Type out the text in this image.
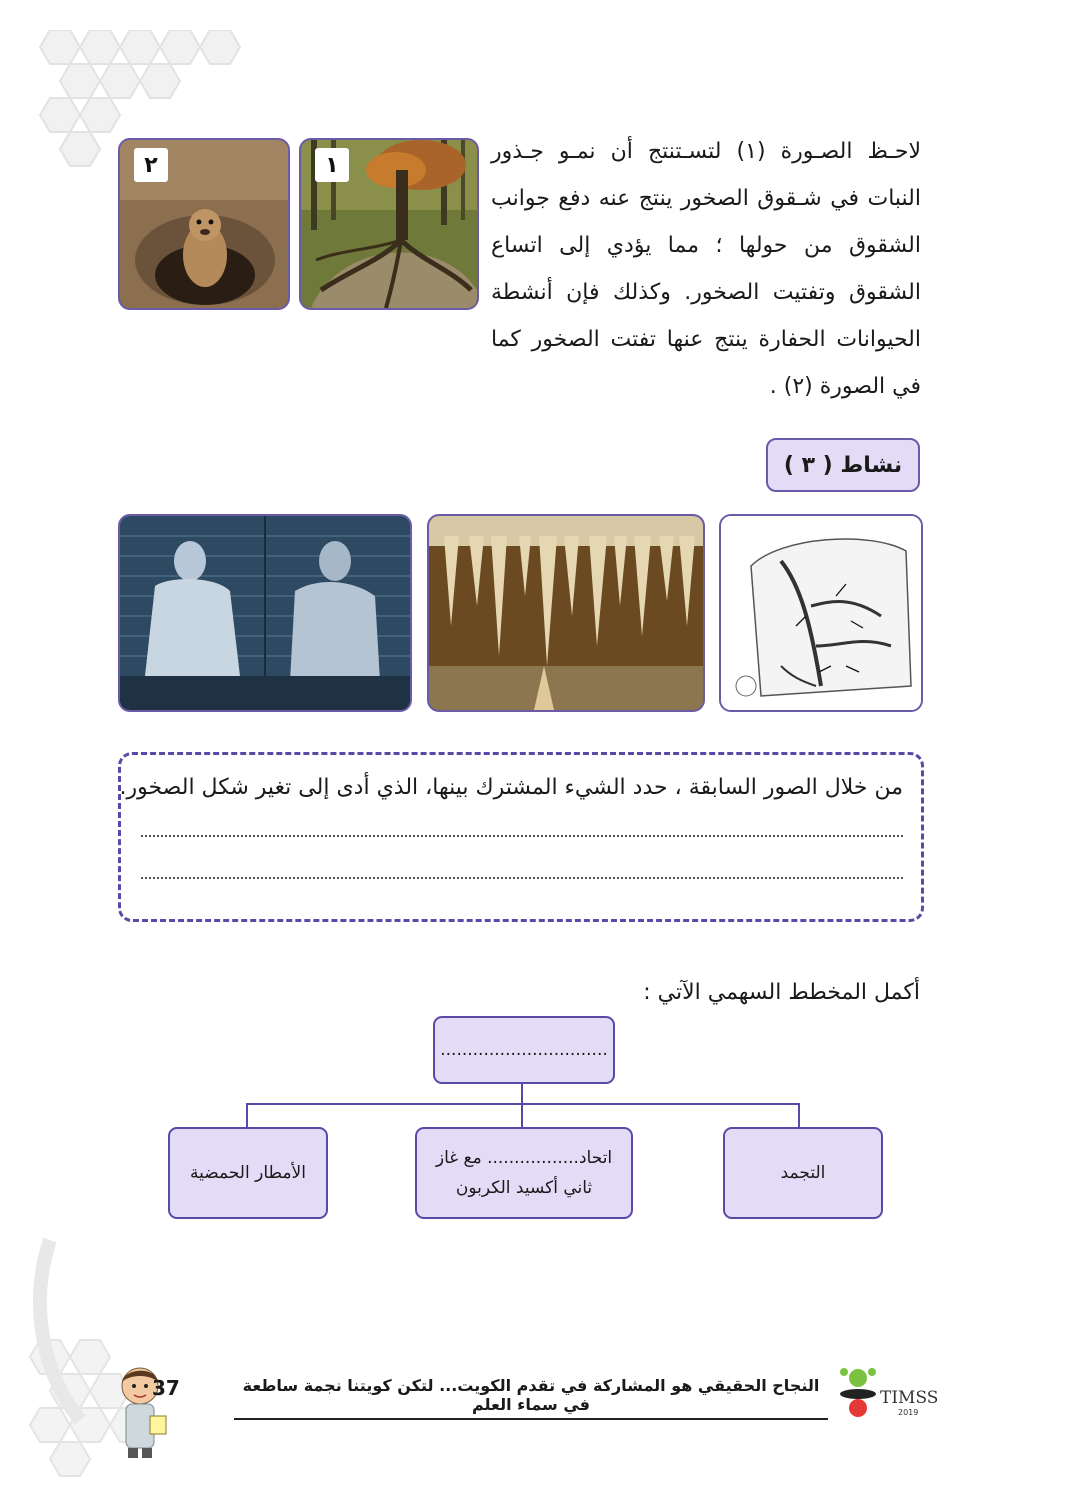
لاحـظ الصـورة (١) لتسـتنتج أن نمـو جـذور النبات في شـقوق الصخور ينتج عنه دفع جوانب الشقوق من حولها ؛ مما يؤدي إلى اتساع الشقوق وتفتيت الصخور. وكذلك فإن أنشطة الحيوانات الحفارة ينتج عنها تفتت الصخور كما في الصورة (٢) .
١
٢
نشاط ( ٣ )
من خلال الصور السابقة ، حدد الشيء المشترك بينها، الذي أدى إلى تغير شكل الصخور.
أكمل المخطط السهمي الآتي :
...............................
التجمد
اتحاد................. مع غاز
ثاني أكسيد الكربون
الأمطار الحمضية
37	النجاح الحقيقي هو المشاركة في تقدم الكويت... لتكن كويتنا نجمة ساطعة في سماء العلم	TIMSS
2019
